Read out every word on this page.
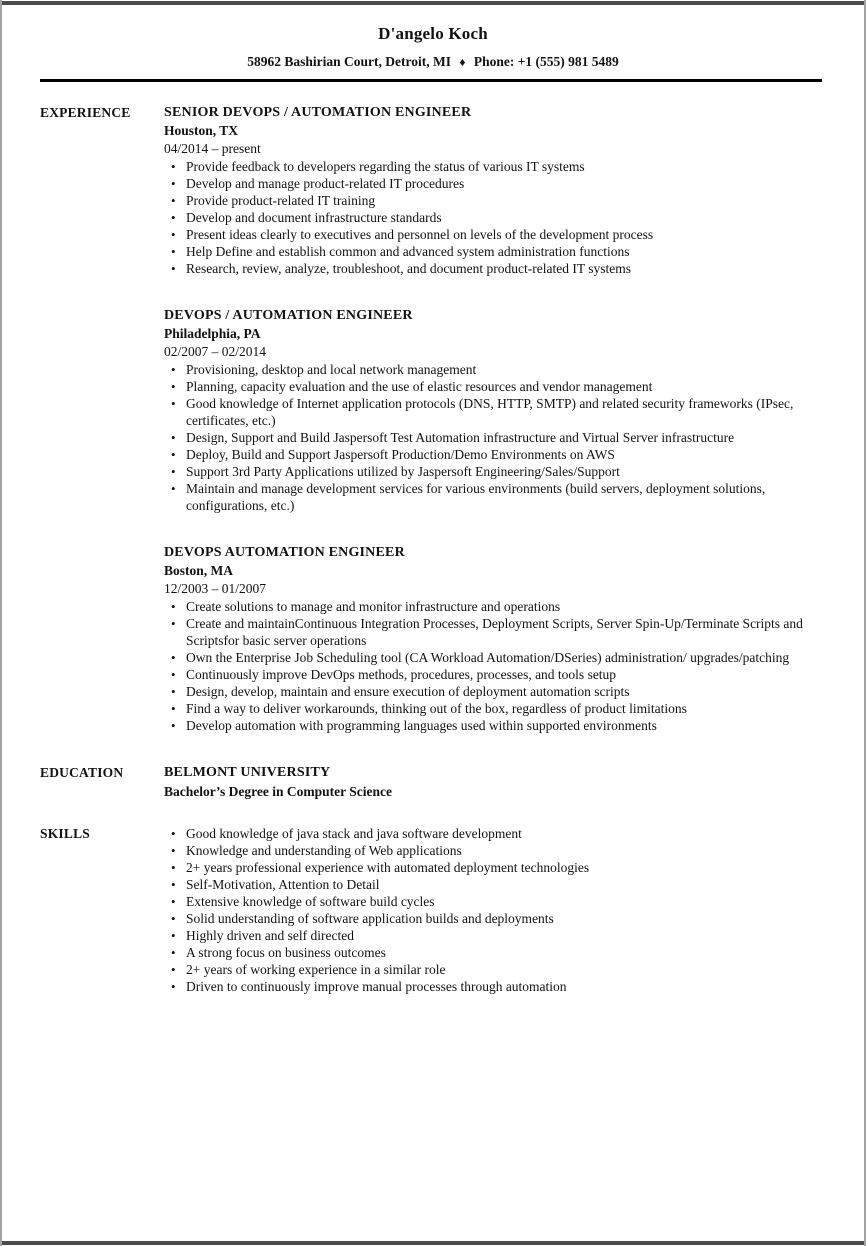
D'angelo Koch

58962 Bashirian Court, Detroit, MI ♦ Phone: +1 (555) 981 5489

EXPERIENCE	SENIOR DEVOPS / AUTOMATION ENGINEER
Houston, TX
04/2014 – present
• Provide feedback to developers regarding the status of various IT systems
• Develop and manage product-related IT procedures
• Provide product-related IT training
• Develop and document infrastructure standards
• Present ideas clearly to executives and personnel on levels of the development process
• Help Define and establish common and advanced system administration functions
• Research, review, analyze, troubleshoot, and document product-related IT systems
DEVOPS / AUTOMATION ENGINEER
Philadelphia, PA
02/2007 – 02/2014
• Provisioning, desktop and local network management
• Planning, capacity evaluation and the use of elastic resources and vendor management
• Good knowledge of Internet application protocols (DNS, HTTP, SMTP) and related security frameworks (IPsec, certificates, etc.)
• Design, Support and Build Jaspersoft Test Automation infrastructure and Virtual Server infrastructure
• Deploy, Build and Support Jaspersoft Production/Demo Environments on AWS
• Support 3rd Party Applications utilized by Jaspersoft Engineering/Sales/Support
• Maintain and manage development services for various environments (build servers, deployment solutions, configurations, etc.)
DEVOPS AUTOMATION ENGINEER
Boston, MA
12/2003 – 01/2007
• Create solutions to manage and monitor infrastructure and operations
• Create and maintainContinuous Integration Processes, Deployment Scripts, Server Spin-Up/Terminate Scripts and Scriptsfor basic server operations
• Own the Enterprise Job Scheduling tool (CA Workload Automation/DSeries) administration/ upgrades/patching
• Continuously improve DevOps methods, procedures, processes, and tools setup
• Design, develop, maintain and ensure execution of deployment automation scripts
• Find a way to deliver workarounds, thinking out of the box, regardless of product limitations
• Develop automation with programming languages used within supported environments
EDUCATION	BELMONT UNIVERSITY
Bachelor’s Degree in Computer Science
SKILLS	• Good knowledge of java stack and java software development
• Knowledge and understanding of Web applications
• 2+ years professional experience with automated deployment technologies
• Self-Motivation, Attention to Detail
• Extensive knowledge of software build cycles
• Solid understanding of software application builds and deployments
• Highly driven and self directed
• A strong focus on business outcomes
• 2+ years of working experience in a similar role
• Driven to continuously improve manual processes through automation
